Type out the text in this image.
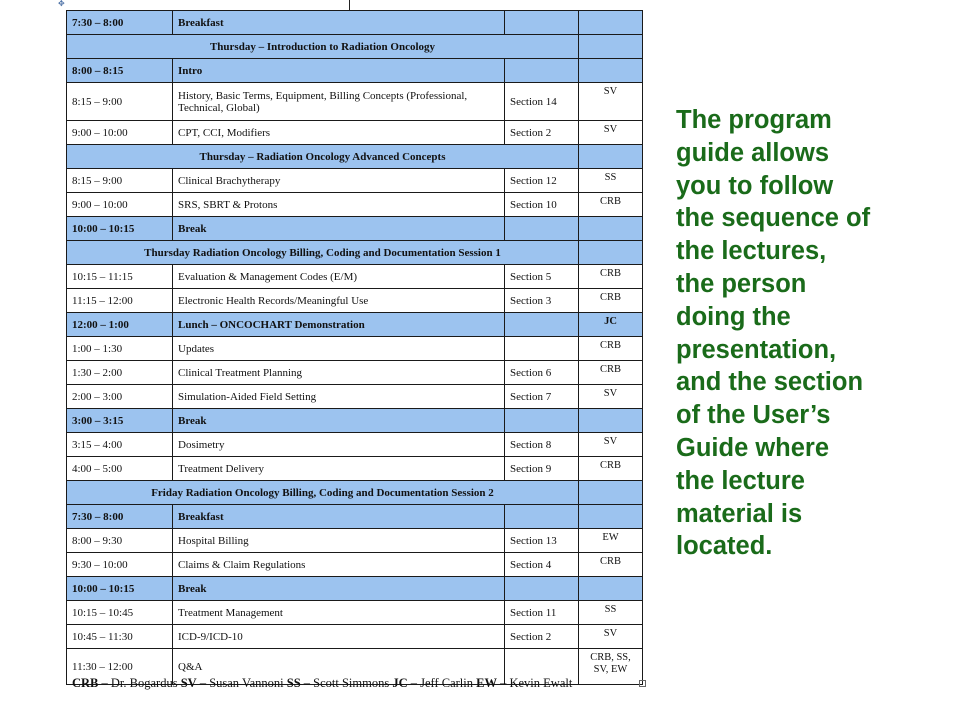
✥
7:30 – 8:00	Breakfast		
Thursday – Introduction to Radiation Oncology			
8:00 – 8:15	Intro		
8:15 – 9:00	History, Basic Terms, Equipment, Billing Concepts (Professional, Technical, Global)	Section 14	SV
9:00 – 10:00	CPT, CCI, Modifiers	Section 2	SV
Thursday – Radiation Oncology Advanced Concepts			
8:15 – 9:00	Clinical Brachytherapy	Section 12	SS
9:00 – 10:00	SRS, SBRT & Protons	Section 10	CRB
10:00 – 10:15	Break		
Thursday Radiation Oncology Billing, Coding and Documentation Session 1			
10:15 – 11:15	Evaluation & Management Codes (E/M)	Section 5	CRB
11:15 – 12:00	Electronic Health Records/Meaningful Use	Section 3	CRB
12:00 – 1:00	Lunch – ONCOCHART Demonstration		JC
1:00 – 1:30	Updates		CRB
1:30 – 2:00	Clinical Treatment Planning	Section 6	CRB
2:00 – 3:00	Simulation-Aided Field Setting	Section 7	SV
3:00 – 3:15	Break		
3:15 – 4:00	Dosimetry	Section 8	SV
4:00 – 5:00	Treatment Delivery	Section 9	CRB
Friday Radiation Oncology Billing, Coding and Documentation Session 2			
7:30 – 8:00	Breakfast		
8:00 – 9:30	Hospital Billing	Section 13	EW
9:30 – 10:00	Claims & Claim Regulations	Section 4	CRB
10:00 – 10:15	Break		
10:15 – 10:45	Treatment Management	Section 11	SS
10:45 – 11:30	ICD-9/ICD-10	Section 2	SV
11:30 – 12:00	Q&A		CRB, SS, SV, EW
CRB – Dr. Bogardus SV – Susan Vannoni SS – Scott Simmons JC – Jeff Carlin EW – Kevin Ewalt
The program
guide allows
you to follow
the sequence of
the lectures,
the person
doing the
presentation,
and the section
of the User’s
Guide where
the lecture
material is
located.
